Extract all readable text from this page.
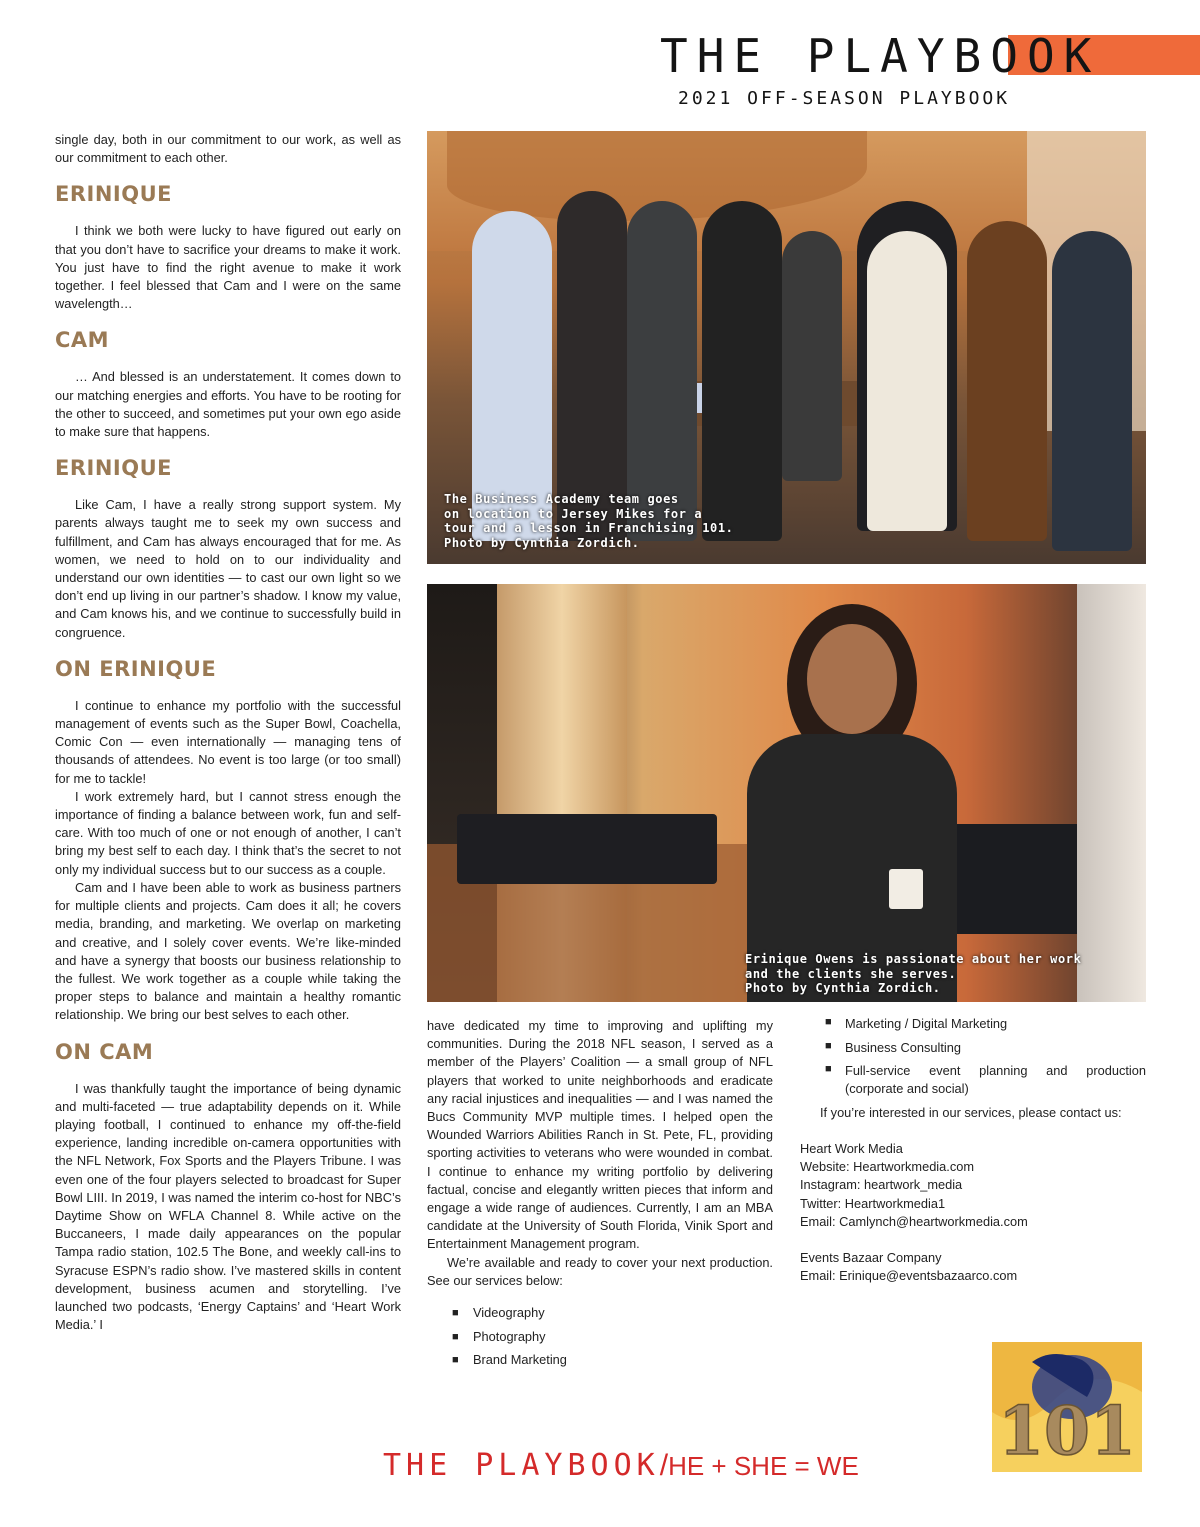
THE PLAYBOOK
2021 OFF-SEASON PLAYBOOK

single day, both in our commitment to our work, as well as our commitment to each other.

ERINIQUE

I think we both were lucky to have figured out early on that you don’t have to sacrifice your dreams to make it work. You just have to find the right avenue to make it work together. I feel blessed that Cam and I were on the same wavelength…

CAM

… And blessed is an understatement. It comes down to our matching energies and efforts. You have to be rooting for the other to succeed, and sometimes put your own ego aside to make sure that happens.

ERINIQUE

Like Cam, I have a really strong support system. My parents always taught me to seek my own success and fulfillment, and Cam has always encouraged that for me. As women, we need to hold on to our individuality and understand our own identities — to cast our own light so we don’t end up living in our partner’s shadow. I know my value, and Cam knows his, and we continue to successfully build in congruence.

ON ERINIQUE

I continue to enhance my portfolio with the successful management of events such as the Super Bowl, Coachella, Comic Con — even internationally — managing tens of thousands of attendees. No event is too large (or too small) for me to tackle!

I work extremely hard, but I cannot stress enough the importance of finding a balance between work, fun and self-care. With too much of one or not enough of another, I can’t bring my best self to each day. I think that’s the secret to not only my individual success but to our success as a couple.

Cam and I have been able to work as business partners for multiple clients and projects. Cam does it all; he covers media, branding, and marketing. We overlap on marketing and creative, and I solely cover events. We’re like-minded and have a synergy that boosts our business relationship to the fullest. We work together as a couple while taking the proper steps to balance and maintain a healthy romantic relationship. We bring our best selves to each other.

ON CAM

I was thankfully taught the importance of being dynamic and multi-faceted — true adaptability depends on it. While playing football, I continued to enhance my off-the-field experience, landing incredible on-camera opportunities with the NFL Network, Fox Sports and the Players Tribune. I was even one of the four players selected to broadcast for Super Bowl LIII. In 2019, I was named the interim co-host for NBC’s Daytime Show on WFLA Channel 8. While active on the Buccaneers, I made daily appearances on the popular Tampa radio station, 102.5 The Bone, and weekly call-ins to Syracuse ESPN’s radio show. I’ve mastered skills in content development, business acumen and storytelling. I’ve launched two podcasts, ‘Energy Captains’ and ‘Heart Work Media.’ I

The Business Academy team goes
on location to Jersey Mikes for a
tour and a lesson in Franchising 101.
Photo by Cynthia Zordich.
Erinique Owens is passionate about her work
and the clients she serves.
Photo by Cynthia Zordich.

have dedicated my time to improving and uplifting my communities. During the 2018 NFL season, I served as a member of the Players’ Coalition — a small group of NFL players that worked to unite neighborhoods and eradicate any racial injustices and inequalities — and I was named the Bucs Community MVP multiple times. I helped open the Wounded Warriors Abilities Ranch in St. Pete, FL, providing sporting activities to veterans who were wounded in combat. I continue to enhance my writing portfolio by delivering factual, concise and elegantly written pieces that inform and engage a wide range of audiences. Currently, I am an MBA candidate at the University of South Florida, Vinik Sport and Entertainment Management program.

We’re available and ready to cover your next production. See our services below:

■ Videography
■ Photography
■ Brand Marketing
■ Marketing / Digital Marketing
■ Business Consulting
■ Full-service event planning and production (corporate and social)
If you’re interested in our services, please contact us:
Heart Work Media
Website: Heartworkmedia.com
Instagram: heartwork_media
Twitter: Heartworkmedia1
Email: Camlynch@heartworkmedia.com
Events Bazaar Company
Email: Erinique@eventsbazaarco.com
101
THE PLAYBOOK/HE + SHE = WE
